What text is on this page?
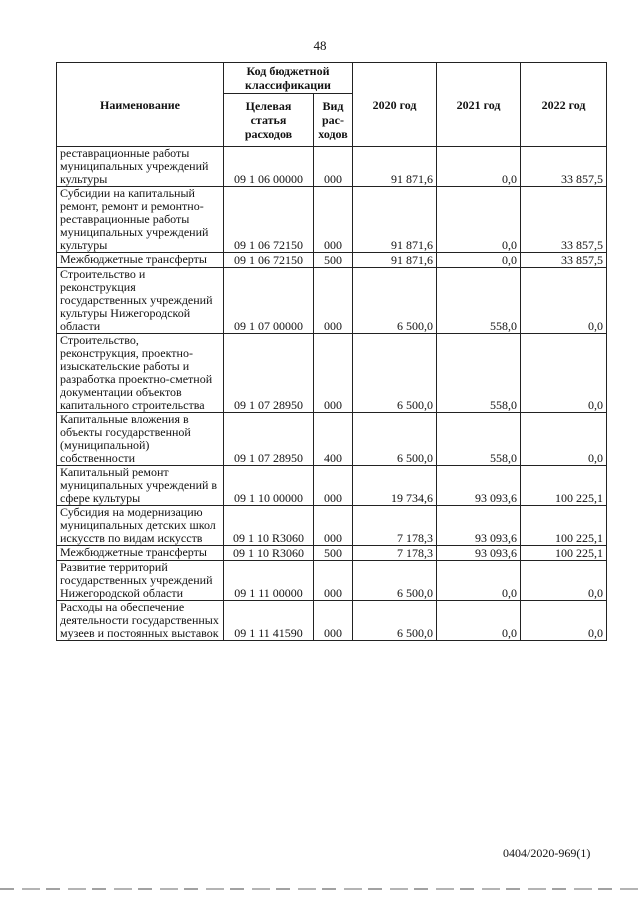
48
Наименование	Код бюджетной классификации		2020 год	2021 год	2022 год
	Целевая статья расходов	Вид рас- ходов			
реставрационные работы муниципальных учреждений культуры	09 1 06 00000	000	91 871,6	0,0	33 857,5
Субсидии на капитальный ремонт, ремонт и ремонтно-реставрационные работы муниципальных учреждений культуры	09 1 06 72150	000	91 871,6	0,0	33 857,5
Межбюджетные трансферты	09 1 06 72150	500	91 871,6	0,0	33 857,5
Строительство и реконструкция государственных учреждений культуры Нижегородской области	09 1 07 00000	000	6 500,0	558,0	0,0
Строительство, реконструкция, проектно-изыскательские работы и разработка проектно-сметной документации объектов капитального строительства	09 1 07 28950	000	6 500,0	558,0	0,0
Капитальные вложения в объекты государственной (муниципальной) собственности	09 1 07 28950	400	6 500,0	558,0	0,0
Капитальный ремонт муниципальных учреждений в сфере культуры	09 1 10 00000	000	19 734,6	93 093,6	100 225,1
Субсидия на модернизацию муниципальных детских школ искусств по видам искусств	09 1 10 R3060	000	7 178,3	93 093,6	100 225,1
Межбюджетные трансферты	09 1 10 R3060	500	7 178,3	93 093,6	100 225,1
Развитие территорий государственных учреждений Нижегородской области	09 1 11 00000	000	6 500,0	0,0	0,0
Расходы на обеспечение деятельности государственных музеев и постоянных выставок	09 1 11 41590	000	6 500,0	0,0	0,0
0404/2020-969(1)
